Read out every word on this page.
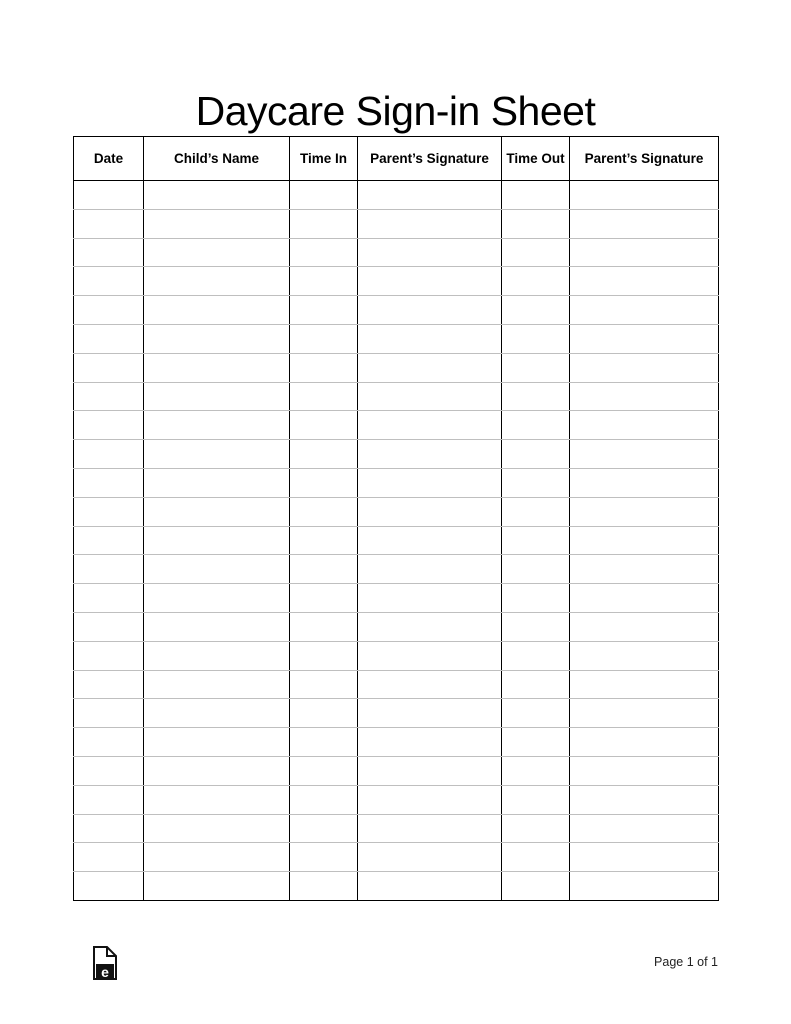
Daycare Sign-in Sheet
Date	Child’s Name	Time In	Parent’s Signature	Time Out	Parent’s Signature

e
Page 1 of 1
